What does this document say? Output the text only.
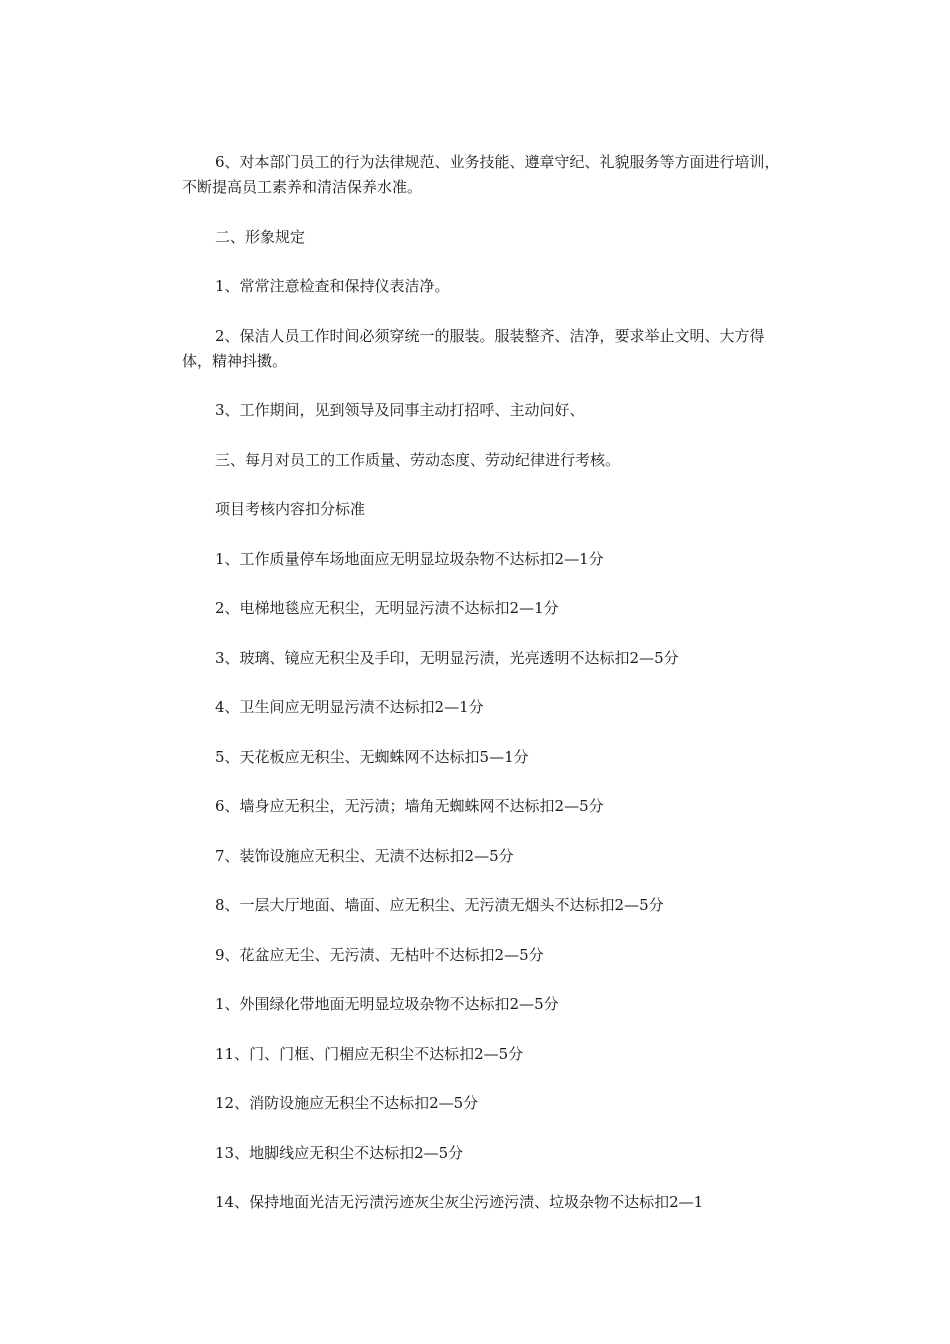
6、对本部门员工的行为法律规范、业务技能、遵章守纪、礼貌服务等方面进行培训，不断提高员工素养和清洁保养水准。

二、形象规定

1、常常注意检查和保持仪表洁净。

2、保洁人员工作时间必须穿统一的服装。服装整齐、洁净，要求举止文明、大方得体，精神抖擞。

3、工作期间，见到领导及同事主动打招呼、主动问好、

三、每月对员工的工作质量、劳动态度、劳动纪律进行考核。

项目考核内容扣分标准

1、工作质量停车场地面应无明显垃圾杂物不达标扣2—1分

2、电梯地毯应无积尘，无明显污渍不达标扣2—1分

3、玻璃、镜应无积尘及手印，无明显污渍，光亮透明不达标扣2—5分

4、卫生间应无明显污渍不达标扣2—1分

5、天花板应无积尘、无蜘蛛网不达标扣5—1分

6、墙身应无积尘，无污渍；墙角无蜘蛛网不达标扣2—5分

7、装饰设施应无积尘、无渍不达标扣2—5分

8、一层大厅地面、墙面、应无积尘、无污渍无烟头不达标扣2—5分

9、花盆应无尘、无污渍、无枯叶不达标扣2—5分

1、外围绿化带地面无明显垃圾杂物不达标扣2—5分

11、门、门框、门楣应无积尘不达标扣2—5分

12、消防设施应无积尘不达标扣2—5分

13、地脚线应无积尘不达标扣2—5分

14、保持地面光洁无污渍污迹灰尘灰尘污迹污渍、垃圾杂物不达标扣2—1
